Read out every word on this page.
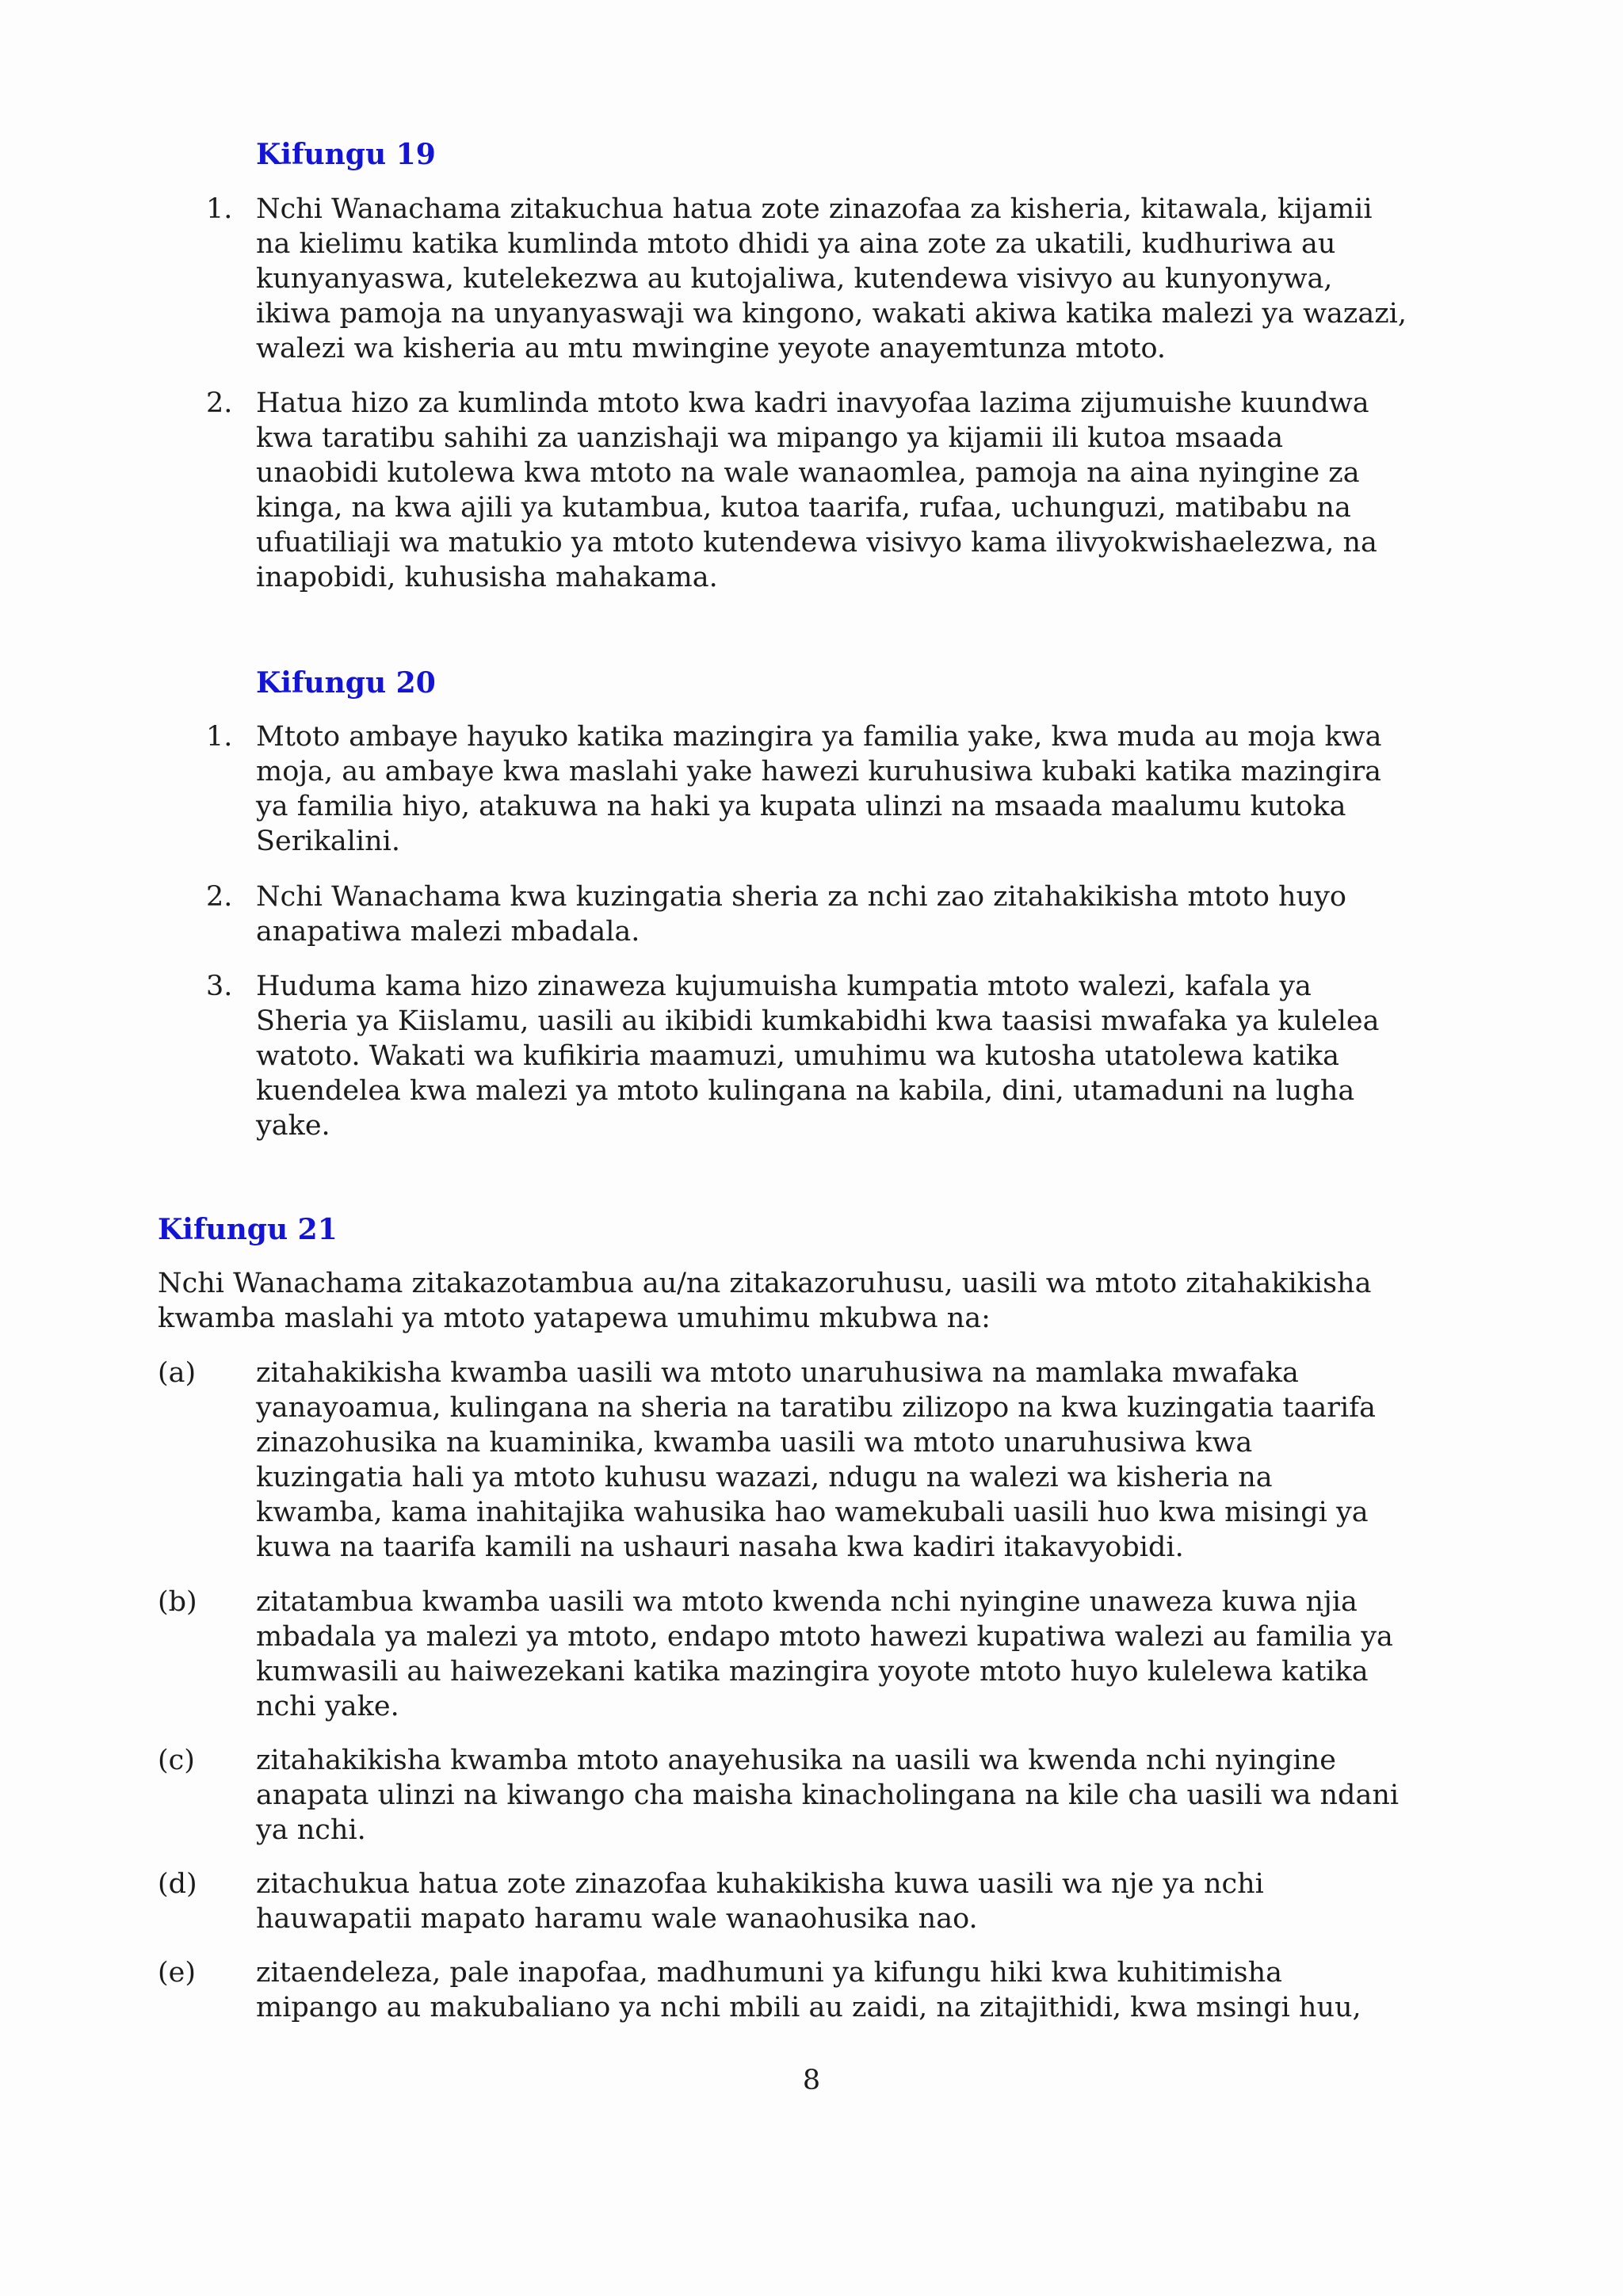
Kifungu 19
1. Nchi Wanachama zitakuchua hatua zote zinazofaa za kisheria, kitawala, kijamii
na kielimu katika kumlinda mtoto dhidi ya aina zote za ukatili, kudhuriwa au
kunyanyaswa, kutelekezwa au kutojaliwa, kutendewa visivyo au kunyonywa,
ikiwa pamoja na unyanyaswaji wa kingono, wakati akiwa katika malezi ya wazazi,
walezi wa kisheria au mtu mwingine yeyote anayemtunza mtoto.
2. Hatua hizo za kumlinda mtoto kwa kadri inavyofaa lazima zijumuishe kuundwa
kwa taratibu sahihi za uanzishaji wa mipango ya kijamii ili kutoa msaada
unaobidi kutolewa kwa mtoto na wale wanaomlea, pamoja na aina nyingine za
kinga, na kwa ajili ya kutambua, kutoa taarifa, rufaa, uchunguzi, matibabu na
ufuatiliaji wa matukio ya mtoto kutendewa visivyo kama ilivyokwishaelezwa, na
inapobidi, kuhusisha mahakama.
Kifungu 20
1. Mtoto ambaye hayuko katika mazingira ya familia yake, kwa muda au moja kwa
moja, au ambaye kwa maslahi yake hawezi kuruhusiwa kubaki katika mazingira
ya familia hiyo, atakuwa na haki ya kupata ulinzi na msaada maalumu kutoka
Serikalini.
2. Nchi Wanachama kwa kuzingatia sheria za nchi zao zitahakikisha mtoto huyo
anapatiwa malezi mbadala.
3. Huduma kama hizo zinaweza kujumuisha kumpatia mtoto walezi, kafala ya
Sheria ya Kiislamu, uasili au ikibidi kumkabidhi kwa taasisi mwafaka ya kulelea
watoto. Wakati wa kufikiria maamuzi, umuhimu wa kutosha utatolewa katika
kuendelea kwa malezi ya mtoto kulingana na kabila, dini, utamaduni na lugha
yake.
Kifungu 21
Nchi Wanachama zitakazotambua au/na zitakazoruhusu, uasili wa mtoto zitahakikisha
kwamba maslahi ya mtoto yatapewa umuhimu mkubwa na:
(a) zitahakikisha kwamba uasili wa mtoto unaruhusiwa na mamlaka mwafaka
yanayoamua, kulingana na sheria na taratibu zilizopo na kwa kuzingatia taarifa
zinazohusika na kuaminika, kwamba uasili wa mtoto unaruhusiwa kwa
kuzingatia hali ya mtoto kuhusu wazazi, ndugu na walezi wa kisheria na
kwamba, kama inahitajika wahusika hao wamekubali uasili huo kwa misingi ya
kuwa na taarifa kamili na ushauri nasaha kwa kadiri itakavyobidi.
(b) zitatambua kwamba uasili wa mtoto kwenda nchi nyingine unaweza kuwa njia
mbadala ya malezi ya mtoto, endapo mtoto hawezi kupatiwa walezi au familia ya
kumwasili au haiwezekani katika mazingira yoyote mtoto huyo kulelewa katika
nchi yake.
(c) zitahakikisha kwamba mtoto anayehusika na uasili wa kwenda nchi nyingine
anapata ulinzi na kiwango cha maisha kinacholingana na kile cha uasili wa ndani
ya nchi.
(d) zitachukua hatua zote zinazofaa kuhakikisha kuwa uasili wa nje ya nchi
hauwapatii mapato haramu wale wanaohusika nao.
(e) zitaendeleza, pale inapofaa, madhumuni ya kifungu hiki kwa kuhitimisha
mipango au makubaliano ya nchi mbili au zaidi, na zitajithidi, kwa msingi huu,
8
